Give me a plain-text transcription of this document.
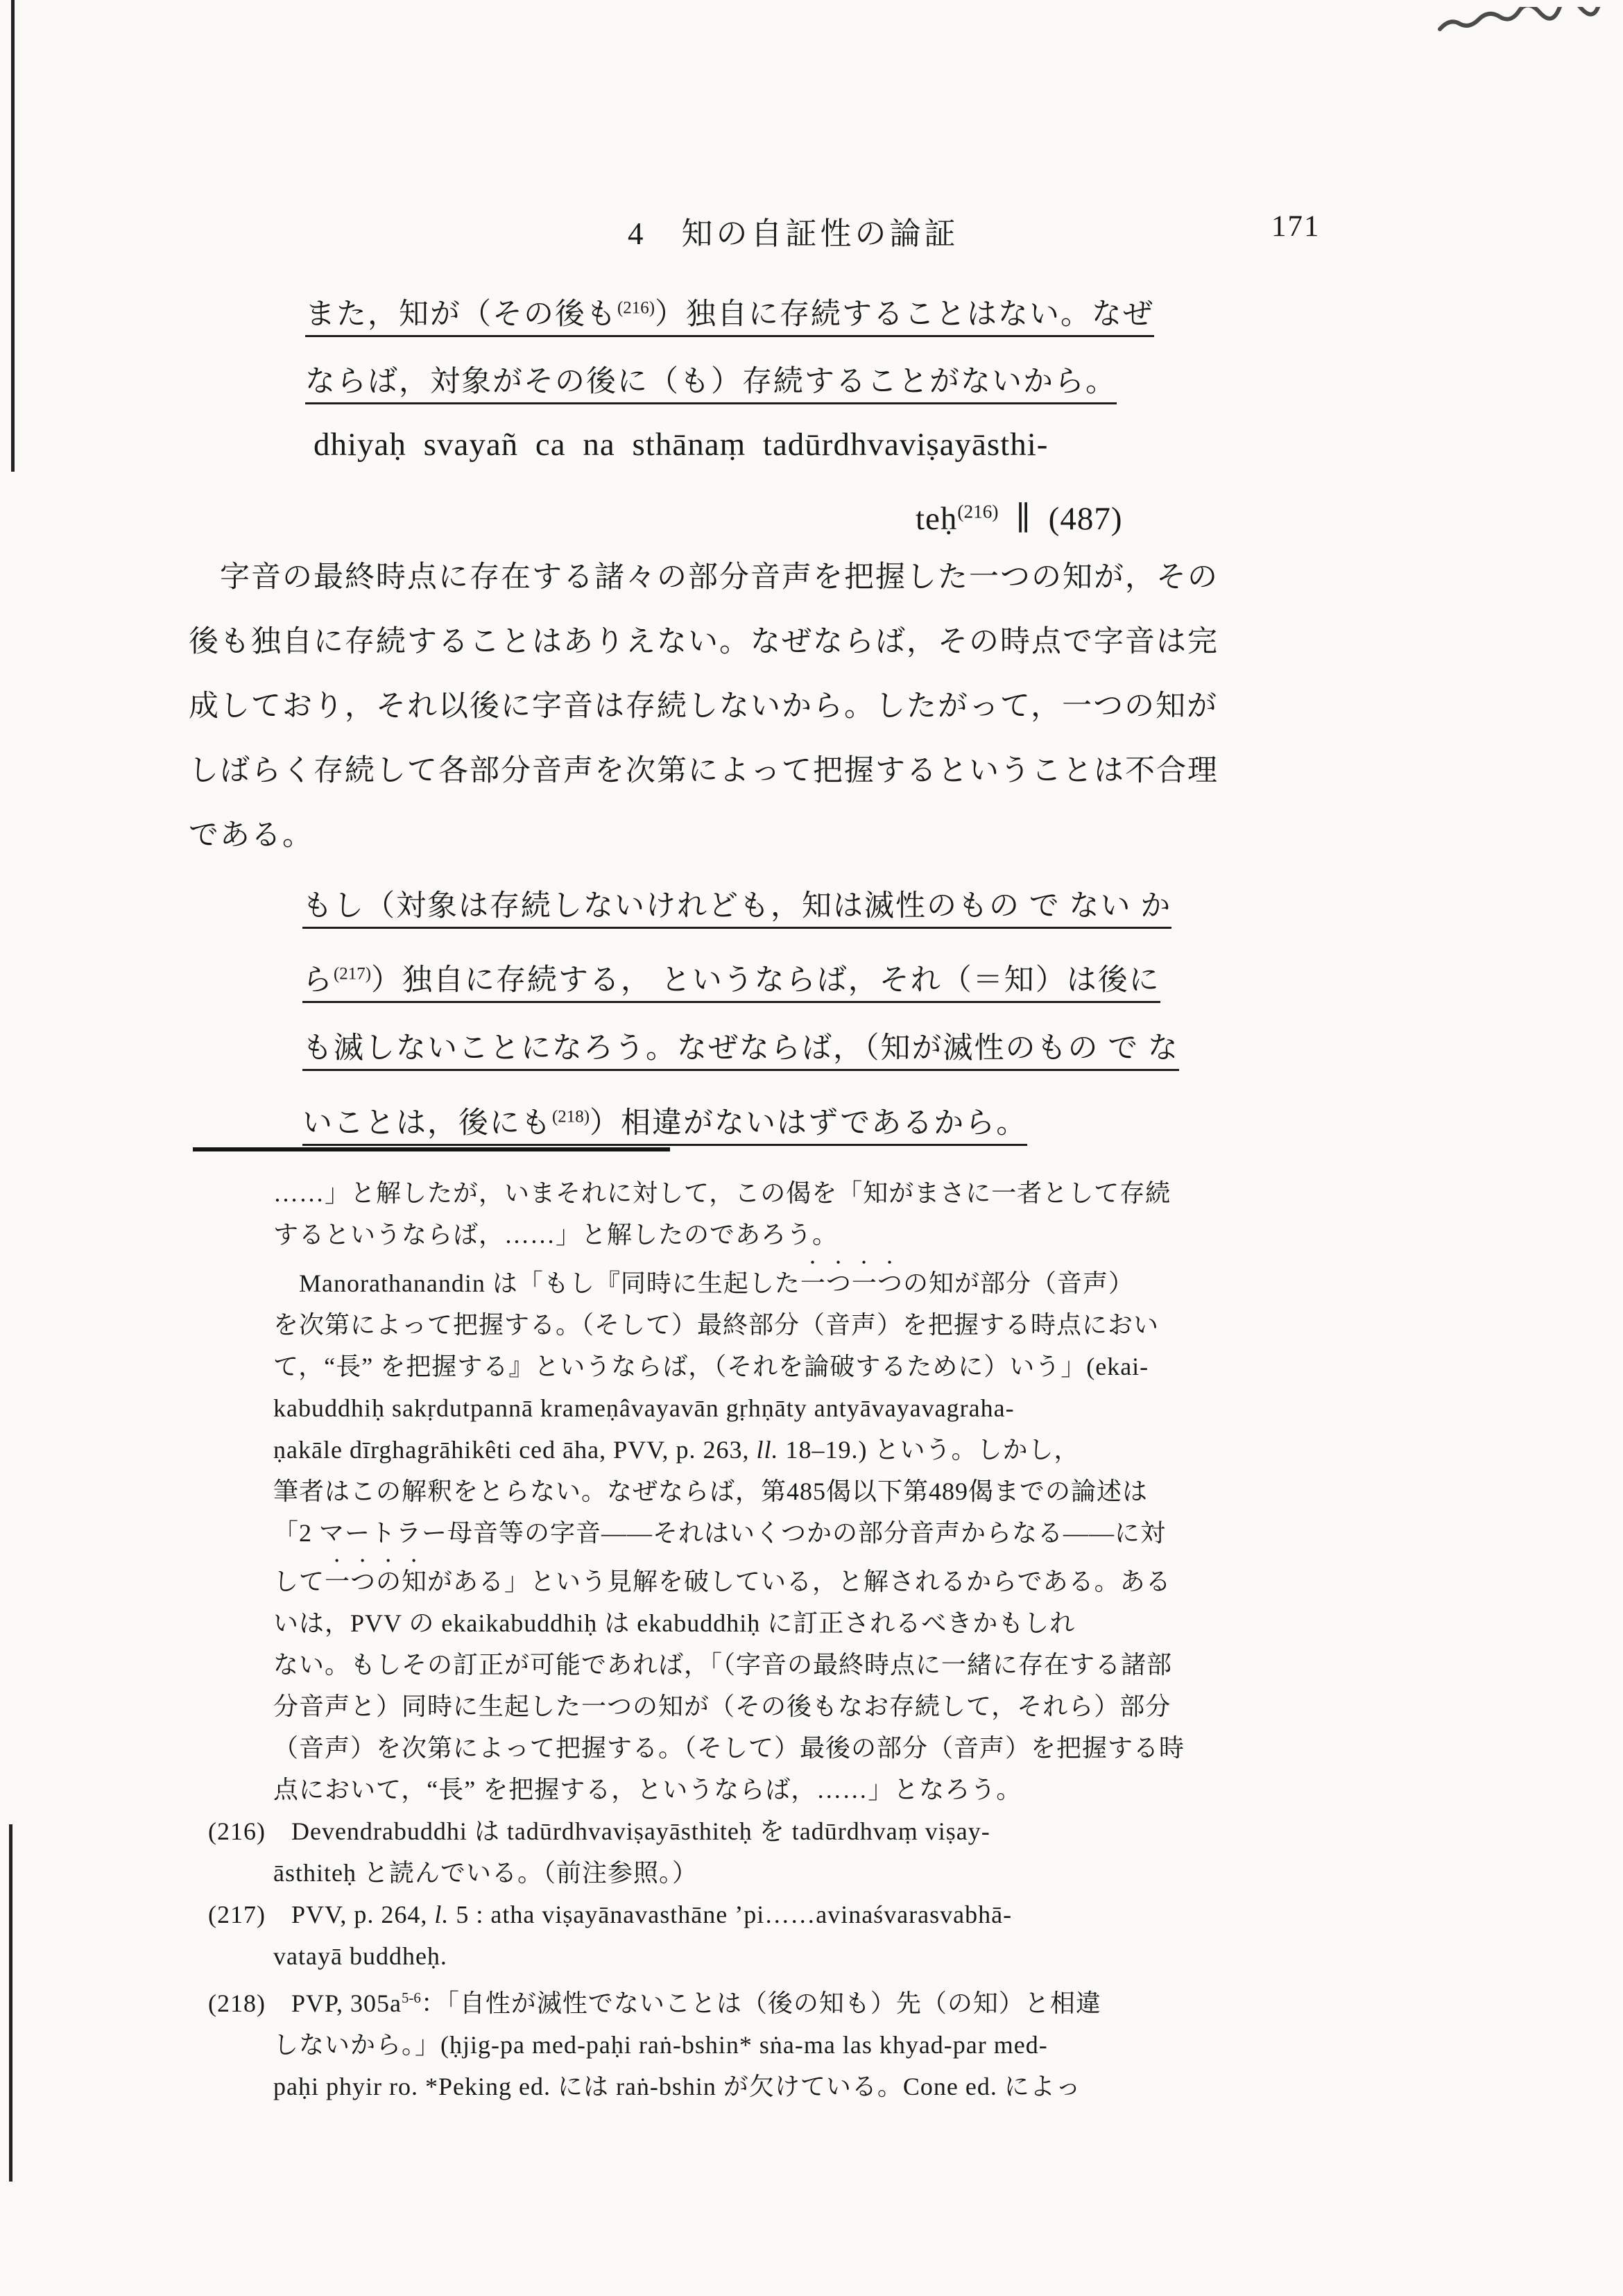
4　知の自証性の論証	171
また，知が（その後も$^{(216)}$）独自に存続することはない。なぜ
ならば，対象がその後に（も）存続することがないから。
dhiyaḥ svayañ ca na sthānaṃ tadūrdhvaviṣayāsthi-
teḥ$^{(216)}$ ∥ (487)
　字音の最終時点に存在する諸々の部分音声を把握した一つの知が，その
後も独自に存続することはありえない。なぜならば，その時点で字音は完
成しており，それ以後に字音は存続しないから。したがって，一つの知が
しばらく存続して各部分音声を次第によって把握するということは不合理
である。
もし（対象は存続しないけれども，知は滅性のもの で ない か
ら$^{(217)}$）独自に存続する， というならば，それ（＝知）は後に
も滅しないことになろう。なぜならば，（知が滅性のもの で な
いことは，後にも$^{(218)}$）相違がないはずであるから。
……」と解したが，いまそれに対して，この偈を「知がまさに一者として存続
するというならば，……」と解したのであろう。
　Manorathanandin は「もし『同時に生起した一つ一つの知が部分（音声）
を次第によって把握する。（そして）最終部分（音声）を把握する時点におい
て，“長” を把握する』というならば，（それを論破するために）いう」(ekai-
kabuddhiḥ sakṛdutpannā krameṇâvayavān gṛhṇāty antyāvayavagraha-
ṇakāle dīrghagrāhikêti ced āha, PVV, p. 263, ll. 18–19.) という。しかし，
筆者はこの解釈をとらない。なぜならば，第485偈以下第489偈までの論述は
「2 マートラー母音等の字音——それはいくつかの部分音声からなる——に対
して一つの知がある」という見解を破している，と解されるからである。ある
いは，PVV の ekaikabuddhiḥ は ekabuddhiḥ に訂正されるべきかもしれ
ない。もしその訂正が可能であれば，「（字音の最終時点に一緒に存在する諸部
分音声と）同時に生起した一つの知が（その後もなお存続して，それら）部分
（音声）を次第によって把握する。（そして）最後の部分（音声）を把握する時
点において，“長” を把握する，というならば，……」となろう。
(216)　Devendrabuddhi は tadūrdhvaviṣayāsthiteḥ を tadūrdhvaṃ viṣay-
āsthiteḥ と読んでいる。（前注参照。）
(217)　PVV, p. 264, l. 5 : atha viṣayānavasthāne ’pi……avinaśvarasvabhā-
vatayā buddheḥ.
(218)　PVP, $305a^{5-6}$：「自性が滅性でないことは（後の知も）先（の知）と相違
しないから。」(ḥjig-pa med-paḥi raṅ-bshin* sṅa-ma las khyad-par med-
paḥi phyir ro. *Peking ed. には raṅ-bshin が欠けている。Cone ed. によっ
